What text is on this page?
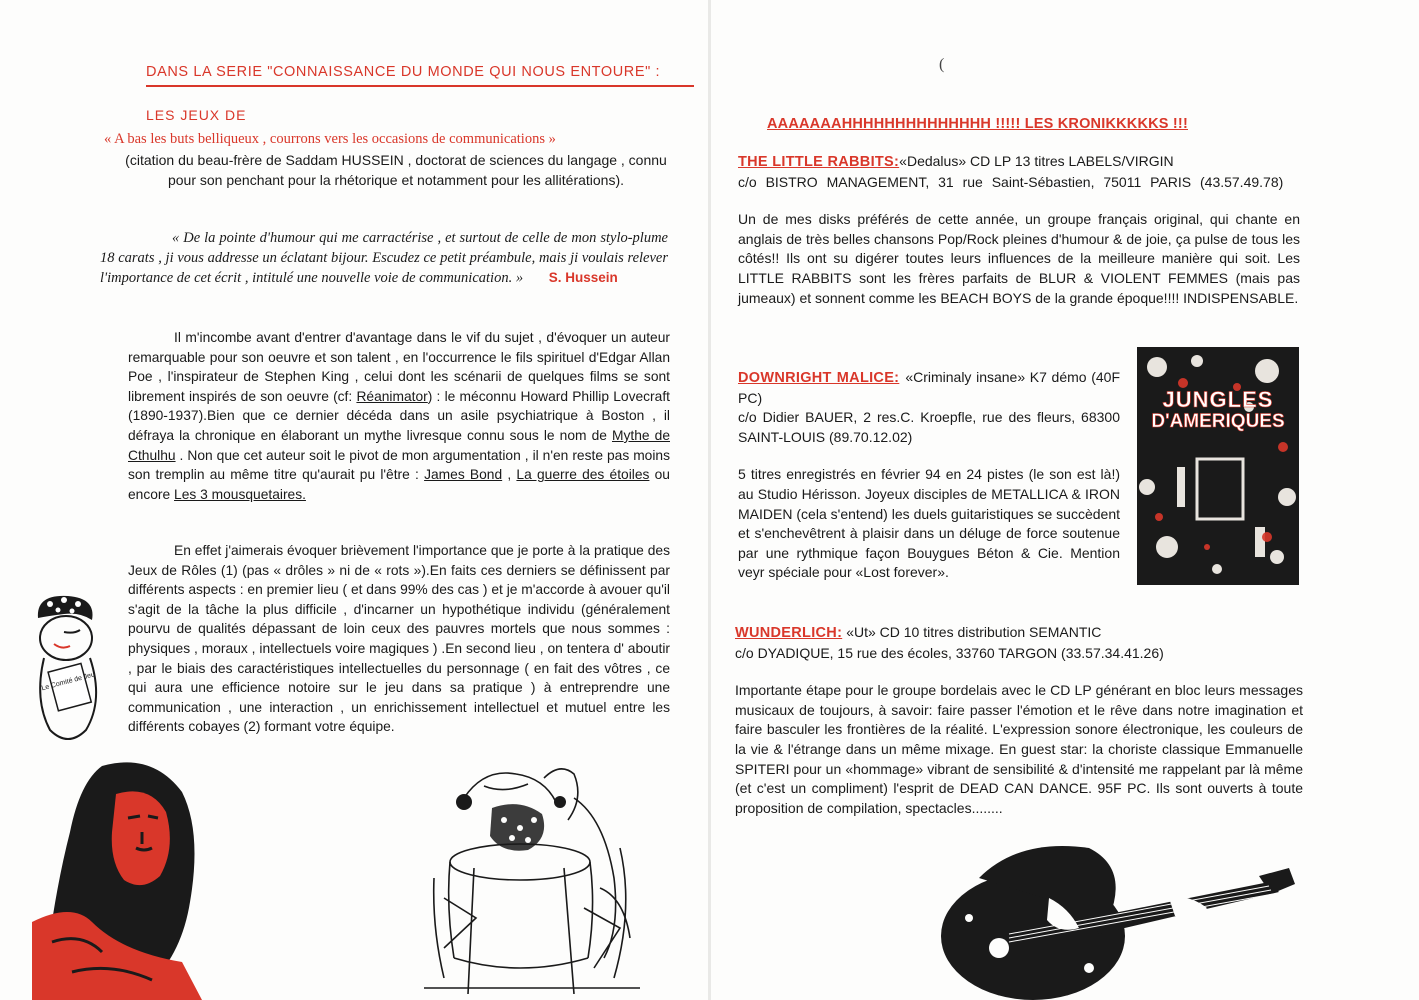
DANS LA SERIE "CONNAISSANCE DU MONDE QUI NOUS ENTOURE" :
LES JEUX DE
« A bas les buts belliqueux , courrons vers les occasions de communications »

(citation du beau-frère de Saddam HUSSEIN , doctorat de sciences du langage , connu pour son penchant pour la rhétorique et notamment pour les allitérations).

« De la pointe d'humour qui me carractérise , et surtout de celle de mon stylo-plume 18 carats , ji vous addresse un éclatant bijour. Escudez ce petit préambule, mais ji voulais relever l'importance de cet écrit , intitulé une nouvelle voie de communication. » S. Hussein

Il m'incombe avant d'entrer d'avantage dans le vif du sujet , d'évoquer un auteur remarquable pour son oeuvre et son talent , en l'occurrence le fils spirituel d'Edgar Allan Poe , l'inspirateur de Stephen King , celui dont les scénarii de quelques films se sont librement inspirés de son oeuvre (cf: Réanimator) : le méconnu Howard Phillip Lovecraft (1890-1937).Bien que ce dernier décéda dans un asile psychiatrique à Boston , il défraya la chronique en élaborant un mythe livresque connu sous le nom de Mythe de Cthulhu . Non que cet auteur soit le pivot de mon argumentation , il n'en reste pas moins son tremplin au même titre qu'aurait pu l'être : James Bond , La guerre des étoiles ou encore Les 3 mousquetaires.

En effet j'aimerais évoquer brièvement l'importance que je porte à la pratique des Jeux de Rôles (1) (pas « drôles » ni de « rots »).En faits ces derniers se définissent par différents aspects : en premier lieu ( et dans 99% des cas ) et je m'accorde à avouer qu'il s'agit de la tâche la plus difficile , d'incarner un hypothétique individu (généralement pourvu de qualités dépassant de loin ceux des pauvres mortels que nous sommes : physiques , moraux , intellectuels voire magiques ) .En second lieu , on tentera d' aboutir , par le biais des caractéristiques intellectuelles du personnage ( en fait des vôtres , ce qui aura une efficience notoire sur le jeu dans sa pratique ) à entreprendre une communication , une interaction , un enrichissement intellectuel et mutuel entre les différents cobayes (2) formant votre équipe.

Le Comité de Jeu
(
AAAAAAAHHHHHHHHHHHHHH !!!!! LES KRONIKKKKKS !!!

THE LITTLE RABBITS:«Dedalus» CD LP 13 titres LABELS/VIRGIN

c/o BISTRO MANAGEMENT, 31 rue Saint-Sébastien, 75011 PARIS (43.57.49.78)

Un de mes disks préférés de cette année, un groupe français original, qui chante en anglais de très belles chansons Pop/Rock pleines d'humour & de joie, ça pulse de tous les côtés!! Ils ont su digérer toutes leurs influences de la meilleure manière qui soit. Les LITTLE RABBITS sont les frères parfaits de BLUR & VIOLENT FEMMES (mais pas jumeaux) et sonnent comme les BEACH BOYS de la grande époque!!!! INDISPENSABLE.

DOWNRIGHT MALICE: «Criminaly insane» K7 démo (40F PC)

c/o Didier BAUER, 2 res.C. Kroepfle, rue des fleurs, 68300 SAINT-LOUIS (89.70.12.02)

5 titres enregistrés en février 94 en 24 pistes (le son est là!) au Studio Hérisson. Joyeux disciples de METALLICA & IRON MAIDEN (cela s'entend) les duels guitaristiques se succèdent et s'enchevêtrent à plaisir dans un déluge de force soutenue par une rythmique façon Bouygues Béton & Cie. Mention veyr spéciale pour «Lost forever».

JUNGLES
D'AMERIQUES

WUNDERLICH: «Ut» CD 10 titres distribution SEMANTIC

c/o DYADIQUE, 15 rue des écoles, 33760 TARGON (33.57.34.41.26)

Importante étape pour le groupe bordelais avec le CD LP générant en bloc leurs messages musicaux de toujours, à savoir: faire passer l'émotion et le rêve dans notre imagination et faire basculer les frontières de la réalité. L'expression sonore électronique, les couleurs de la vie & l'étrange dans un même mixage. En guest star: la choriste classique Emmanuelle SPITERI pour un «hommage» vibrant de sensibilité & d'intensité me rappelant par là même (et c'est un compliment) l'esprit de DEAD CAN DANCE. 95F PC. Ils sont ouverts à toute proposition de compilation, spectacles........
